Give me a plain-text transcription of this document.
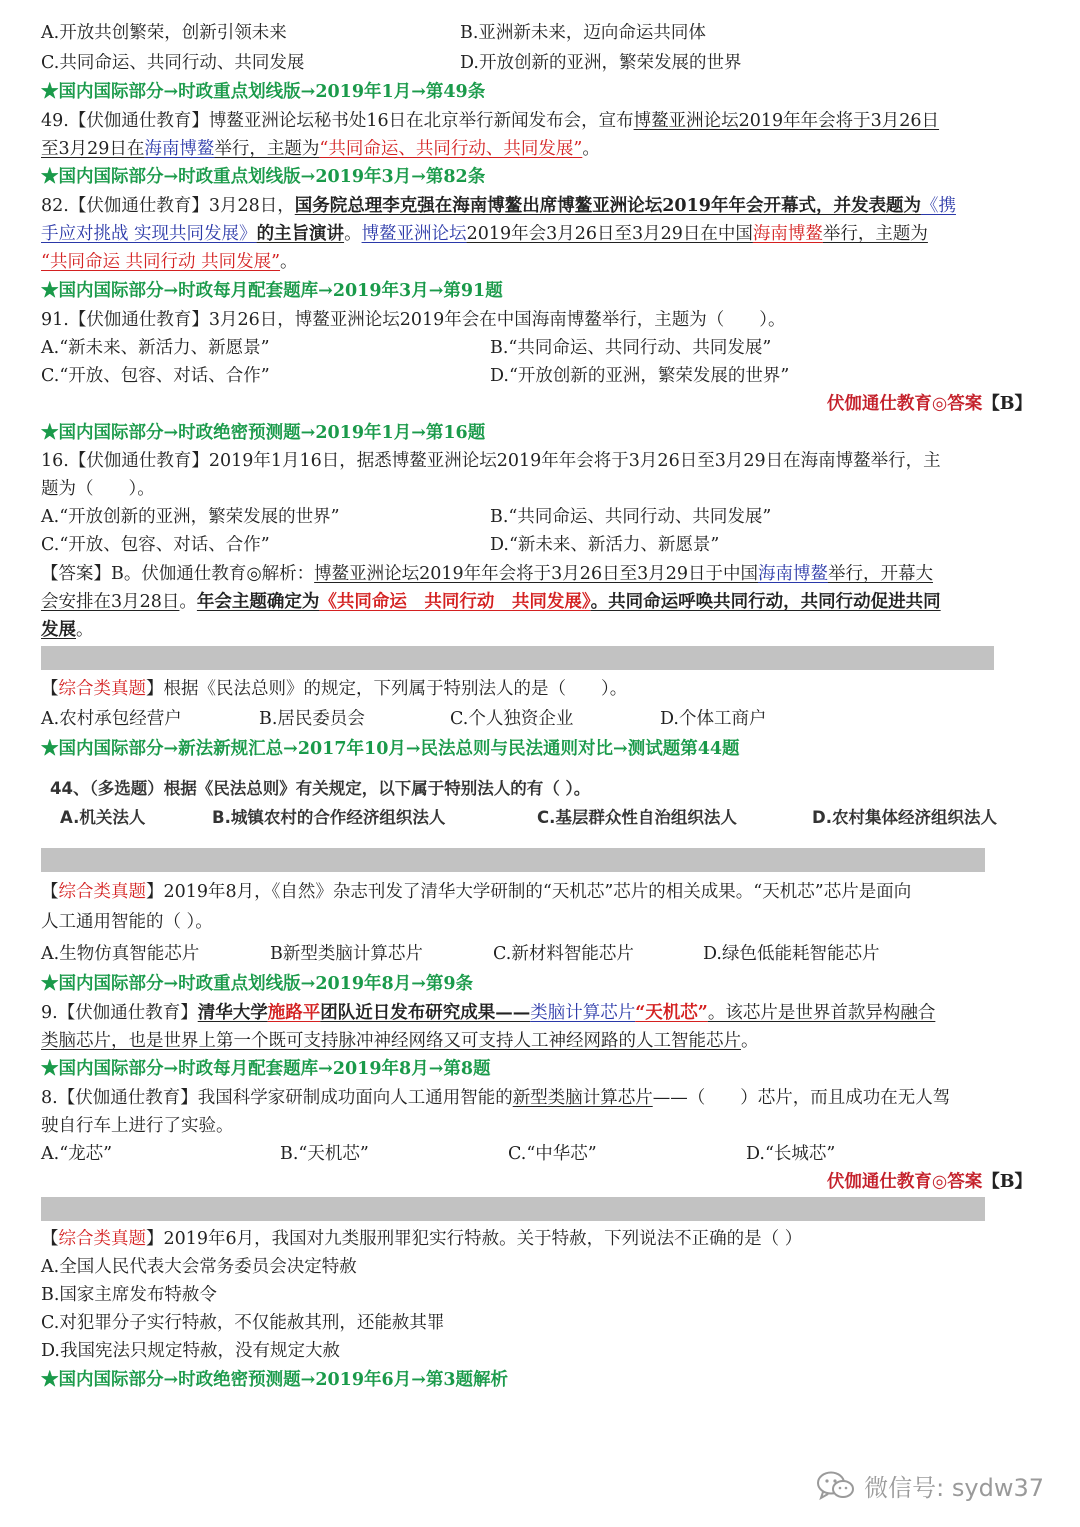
A.开放共创繁荣，创新引领未来	B.亚洲新未来，迈向命运共同体
C.共同命运、共同行动、共同发展	D.开放创新的亚洲，繁荣发展的世界
★国内国际部分→时政重点划线版→2019年1月→第49条
49.【伏伽通仕教育】博鳌亚洲论坛秘书处16日在北京举行新闻发布会，宣布博鳌亚洲论坛2019年年会将于3月26日
至3月29日在海南博鳌举行，主题为“共同命运、共同行动、共同发展”。
★国内国际部分→时政重点划线版→2019年3月→第82条
82.【伏伽通仕教育】3月28日，国务院总理李克强在海南博鳌出席博鳌亚洲论坛2019年年会开幕式，并发表题为《携
手应对挑战 实现共同发展》的主旨演讲。博鳌亚洲论坛2019年会3月26日至3月29日在中国海南博鳌举行，主题为
“共同命运 共同行动 共同发展”。
★国内国际部分→时政每月配套题库→2019年3月→第91题
91.【伏伽通仕教育】3月26日，博鳌亚洲论坛2019年会在中国海南博鳌举行，主题为（　　）。
A.“新未来、新活力、新愿景”	B.“共同命运、共同行动、共同发展”
C.“开放、包容、对话、合作”	D.“开放创新的亚洲，繁荣发展的世界”
伏伽通仕教育◎答案【B】
★国内国际部分→时政绝密预测题→2019年1月→第16题
16.【伏伽通仕教育】2019年1月16日，据悉博鳌亚洲论坛2019年年会将于3月26日至3月29日在海南博鳌举行，主
题为（　　）。
A.“开放创新的亚洲，繁荣发展的世界”	B.“共同命运、共同行动、共同发展”
C.“开放、包容、对话、合作”	D.“新未来、新活力、新愿景”
【答案】B。伏伽通仕教育◎解析：博鳌亚洲论坛2019年年会将于3月26日至3月29日于中国海南博鳌举行，开幕大
会安排在3月28日。年会主题确定为《共同命运　共同行动　共同发展》。共同命运呼唤共同行动，共同行动促进共同
发展。
【综合类真题】根据《民法总则》的规定，下列属于特别法人的是（　　）。
A.农村承包经营户	B.居民委员会	C.个人独资企业	D.个体工商户
★国内国际部分→新法新规汇总→2017年10月→民法总则与民法通则对比→测试题第44题
44、（多选题）根据《民法总则》有关规定，以下属于特别法人的有（ ）。
A.机关法人	B.城镇农村的合作经济组织法人	C.基层群众性自治组织法人	D.农村集体经济组织法人
【综合类真题】2019年8月，《自然》杂志刊发了清华大学研制的“天机芯”芯片的相关成果。“天机芯”芯片是面向
人工通用智能的（ ）。
A.生物仿真智能芯片	B新型类脑计算芯片	C.新材料智能芯片	D.绿色低能耗智能芯片
★国内国际部分→时政重点划线版→2019年8月→第9条
9.【伏伽通仕教育】清华大学施路平团队近日发布研究成果——类脑计算芯片“天机芯”。该芯片是世界首款异构融合
类脑芯片，也是世界上第一个既可支持脉冲神经网络又可支持人工神经网路的人工智能芯片。
★国内国际部分→时政每月配套题库→2019年8月→第8题
8.【伏伽通仕教育】我国科学家研制成功面向人工通用智能的新型类脑计算芯片——（　　）芯片，而且成功在无人驾
驶自行车上进行了实验。
A.“龙芯”	B.“天机芯”	C.“中华芯”	D.“长城芯”
伏伽通仕教育◎答案【B】
【综合类真题】2019年6月，我国对九类服刑罪犯实行特赦。关于特赦，下列说法不正确的是（ ）
A.全国人民代表大会常务委员会决定特赦
B.国家主席发布特赦令
C.对犯罪分子实行特赦，不仅能赦其刑，还能赦其罪
D.我国宪法只规定特赦，没有规定大赦
★国内国际部分→时政绝密预测题→2019年6月→第3题解析
微信号: sydw37
